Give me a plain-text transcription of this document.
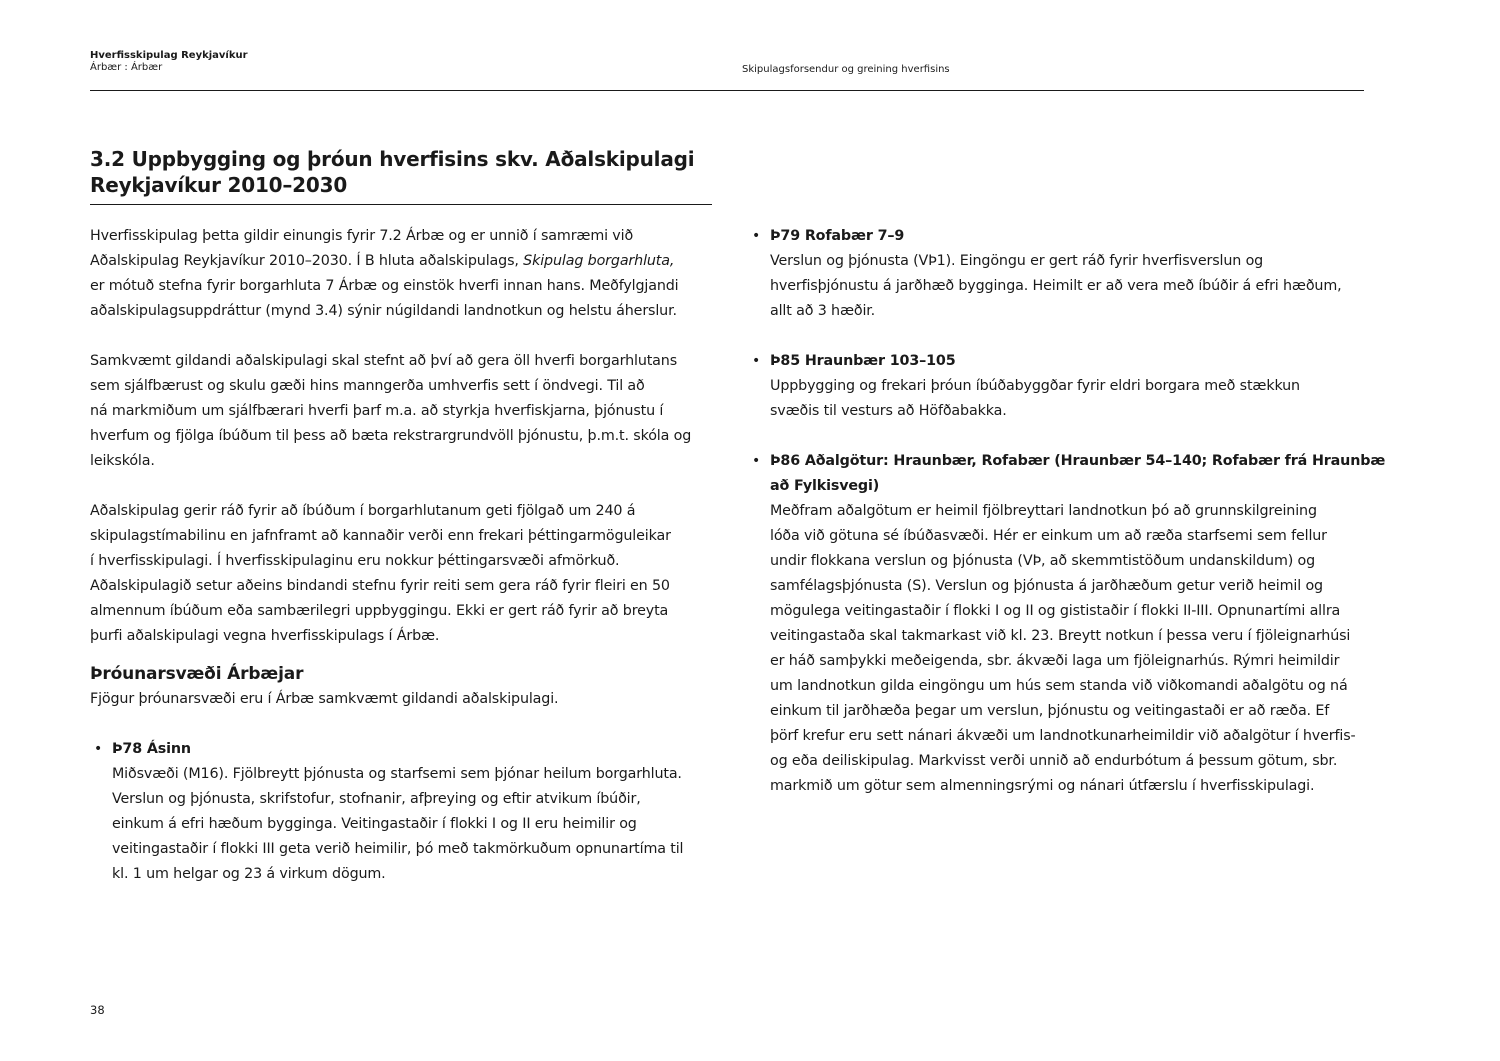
Hverfisskipulag Reykjavíkur
Árbær : Árbær	Skipulagsforsendur og greining hverfisins
3.2 Uppbygging og þróun hverfisins skv. Aðalskipulagi
Reykjavíkur 2010–2030

Hverfisskipulag þetta gildir einungis fyrir 7.2 Árbæ og er unnið í samræmi við
Aðalskipulag Reykjavíkur 2010–2030. Í B hluta aðalskipulags, Skipulag borgarhluta,
er mótuð stefna fyrir borgarhluta 7 Árbæ og einstök hverfi innan hans. Meðfylgjandi
aðalskipulagsuppdráttur (mynd 3.4) sýnir núgildandi landnotkun og helstu áherslur.

Samkvæmt gildandi aðalskipulagi skal stefnt að því að gera öll hverfi borgarhlutans
sem sjálfbærust og skulu gæði hins manngerða umhverfis sett í öndvegi. Til að
ná markmiðum um sjálfbærari hverfi þarf m.a. að styrkja hverfiskjarna, þjónustu í
hverfum og fjölga íbúðum til þess að bæta rekstrargrundvöll þjónustu, þ.m.t. skóla og
leikskóla.

Aðalskipulag gerir ráð fyrir að íbúðum í borgarhlutanum geti fjölgað um 240 á
skipulagstímabilinu en jafnframt að kannaðir verði enn frekari þéttingarmöguleikar
í hverfisskipulagi. Í hverfisskipulaginu eru nokkur þéttingarsvæði afmörkuð.
Aðalskipulagið setur aðeins bindandi stefnu fyrir reiti sem gera ráð fyrir fleiri en 50
almennum íbúðum eða sambærilegri uppbyggingu. Ekki er gert ráð fyrir að breyta
þurfi aðalskipulagi vegna hverfisskipulags í Árbæ.

Þróunarsvæði Árbæjar

Fjögur þróunarsvæði eru í Árbæ samkvæmt gildandi aðalskipulagi.

• Þ78 Ásinn
Miðsvæði (M16). Fjölbreytt þjónusta og starfsemi sem þjónar heilum borgarhluta.
Verslun og þjónusta, skrifstofur, stofnanir, afþreying og eftir atvikum íbúðir,
einkum á efri hæðum bygginga. Veitingastaðir í flokki I og II eru heimilir og
veitingastaðir í flokki III geta verið heimilir, þó með takmörkuðum opnunartíma til
kl. 1 um helgar og 23 á virkum dögum.
• Þ79 Rofabær 7–9
Verslun og þjónusta (VÞ1). Eingöngu er gert ráð fyrir hverfisverslun og
hverfisþjónustu á jarðhæð bygginga. Heimilt er að vera með íbúðir á efri hæðum,
allt að 3 hæðir.
• Þ85 Hraunbær 103–105
Uppbygging og frekari þróun íbúðabyggðar fyrir eldri borgara með stækkun
svæðis til vesturs að Höfðabakka.
• Þ86 Aðalgötur: Hraunbær, Rofabær (Hraunbær 54–140; Rofabær frá Hraunbæ
að Fylkisvegi)
Meðfram aðalgötum er heimil fjölbreyttari landnotkun þó að grunnskilgreining
lóða við götuna sé íbúðasvæði. Hér er einkum um að ræða starfsemi sem fellur
undir flokkana verslun og þjónusta (VÞ, að skemmtistöðum undanskildum) og
samfélagsþjónusta (S). Verslun og þjónusta á jarðhæðum getur verið heimil og
mögulega veitingastaðir í flokki I og II og gististaðir í flokki II-III. Opnunartími allra
veitingastaða skal takmarkast við kl. 23. Breytt notkun í þessa veru í fjöleignarhúsi
er háð samþykki meðeigenda, sbr. ákvæði laga um fjöleignarhús. Rýmri heimildir
um landnotkun gilda eingöngu um hús sem standa við viðkomandi aðalgötu og ná
einkum til jarðhæða þegar um verslun, þjónustu og veitingastaði er að ræða. Ef
þörf krefur eru sett nánari ákvæði um landnotkunarheimildir við aðalgötur í hverfis-
og eða deiliskipulag. Markvisst verði unnið að endurbótum á þessum götum, sbr.
markmið um götur sem almenningsrými og nánari útfærslu í hverfisskipulagi.
38
